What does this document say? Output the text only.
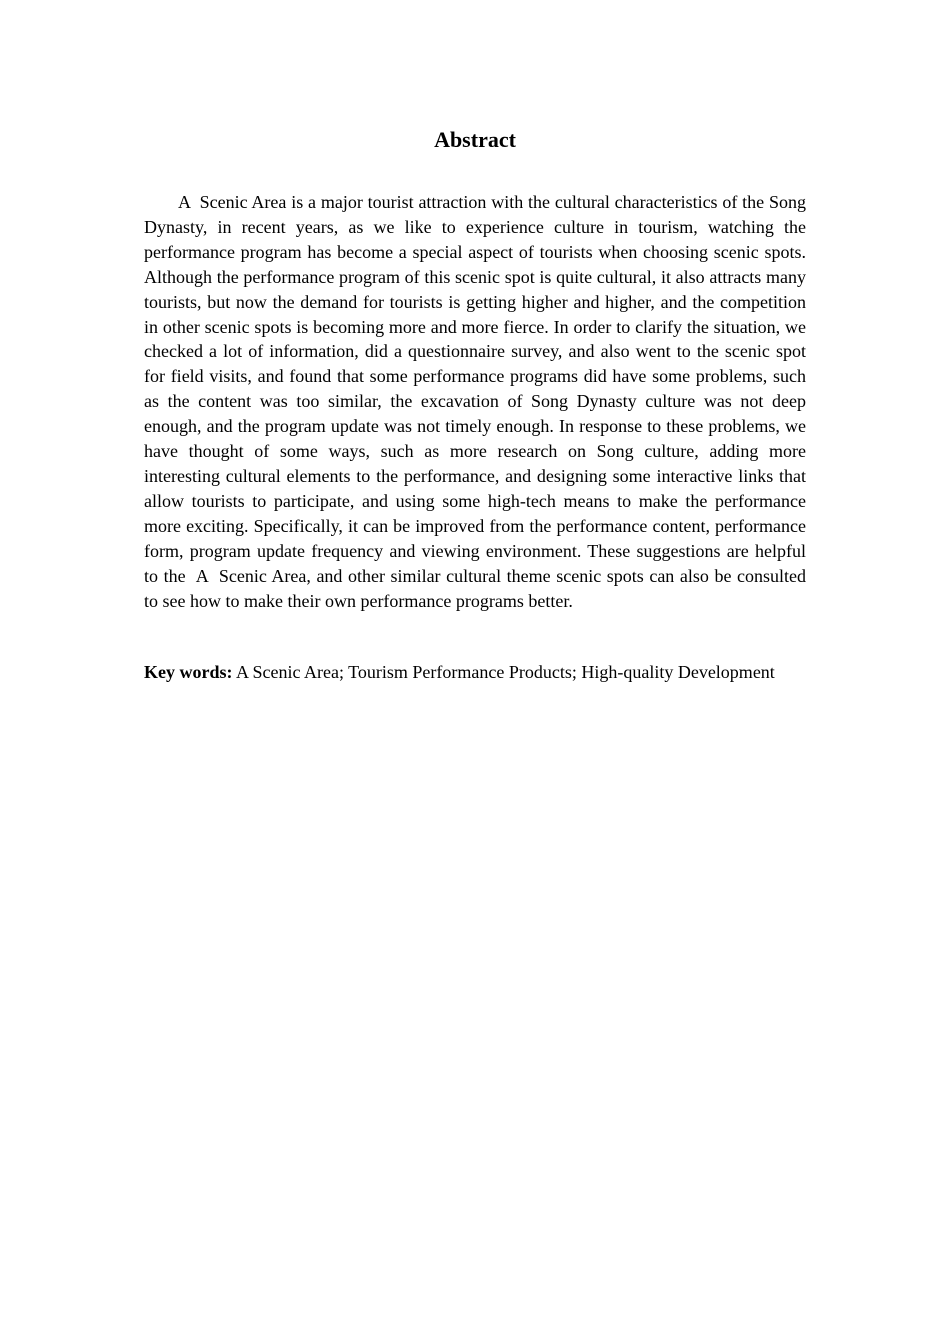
Abstract

A  Scenic Area is a major tourist attraction with the cultural characteristics of the Song Dynasty, in recent years, as we like to experience culture in tourism, watching the performance program has become a special aspect of tourists when choosing scenic spots. Although the performance program of this scenic spot is quite cultural, it also attracts many tourists, but now the demand for tourists is getting higher and higher, and the competition in other scenic spots is becoming more and more fierce. In order to clarify the situation, we checked a lot of information, did a questionnaire survey, and also went to the scenic spot for field visits, and found that some performance programs did have some problems, such as the content was too similar, the excavation of Song Dynasty culture was not deep enough, and the program update was not timely enough. In response to these problems, we have thought of some ways, such as more research on Song culture, adding more interesting cultural elements to the performance, and designing some interactive links that allow tourists to participate, and using some high-tech means to make the performance more exciting. Specifically, it can be improved from the performance content, performance form, program update frequency and viewing environment. These suggestions are helpful to the  A  Scenic Area, and other similar cultural theme scenic spots can also be consulted to see how to make their own performance programs better.

Key words: A Scenic Area; Tourism Performance Products; High-quality Development
